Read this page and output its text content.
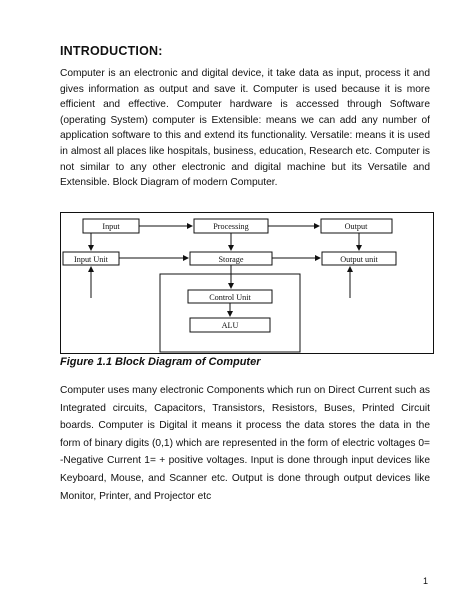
INTRODUCTION:
Computer is an electronic and digital device, it take data as input, process it and gives information as output and save it. Computer is used because it is more efficient and effective. Computer hardware is accessed through Software (operating System) computer is Extensible: means we can add any number of application software to this and extend its functionality. Versatile: means it is used in almost all places like hospitals, business, education, Research etc. Computer is not similar to any other electronic and digital machine but its Versatile and Extensible. Block Diagram of modern Computer.
Input	Processing	Output
Input Unit	Storage	Output unit
Control Unit
ALU
Figure 1.1 Block Diagram of Computer
Computer uses many electronic Components which run on Direct Current such as Integrated circuits, Capacitors, Transistors, Resistors, Buses, Printed Circuit boards. Computer is Digital it means it process the data stores the data in the form of binary digits (0,1) which are represented in the form of electric voltages 0= -Negative Current 1= + positive voltages. Input is done through input devices like Keyboard, Mouse, and Scanner etc. Output is done through output devices like Monitor, Printer, and Projector etc
1
